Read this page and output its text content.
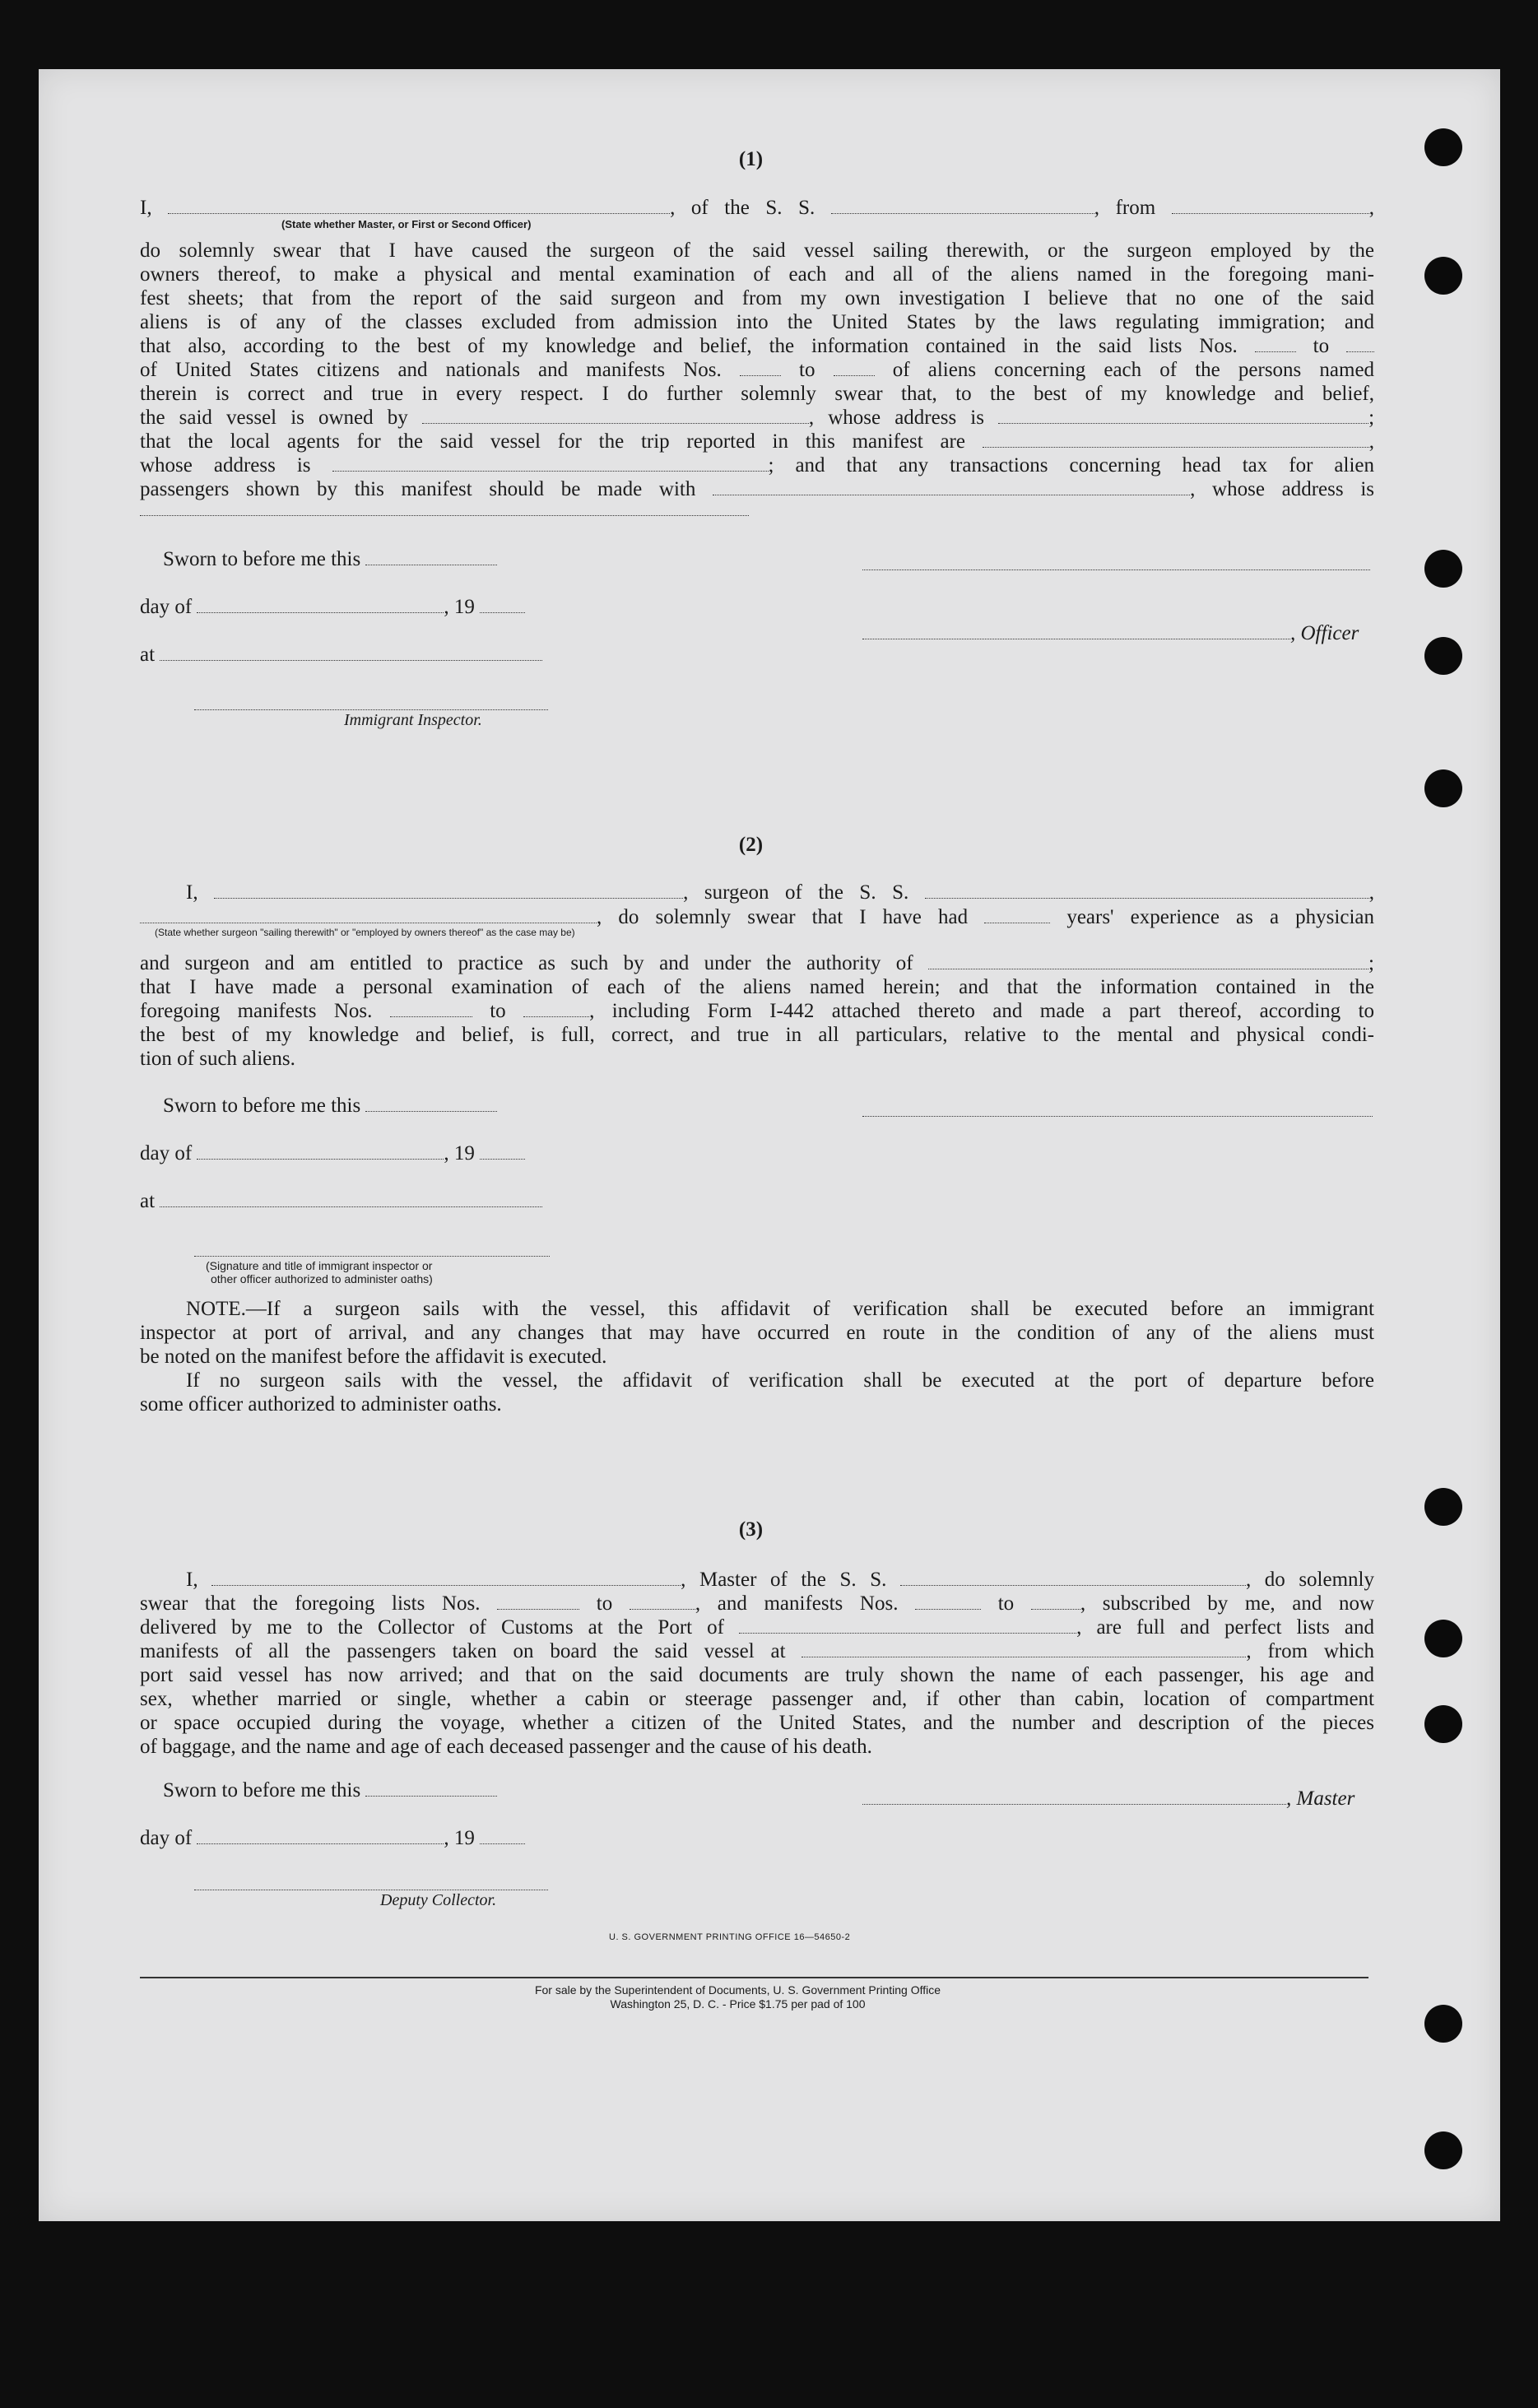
(1)
I,	, of the S. S.	, from	,
(State whether Master, or First or Second Officer)
do solemnly swear that I have caused the surgeon of the said vessel sailing therewith, or the surgeon employed by the
owners thereof, to make a physical and mental examination of each and all of the aliens named in the foregoing mani-
fest sheets; that from the report of the said surgeon and from my own investigation I believe that no one of the said
aliens is of any of the classes excluded from admission into the United States by the laws regulating immigration; and
that also, according to the best of my knowledge and belief, the information contained in the said lists Nos.	to
of United States citizens and nationals and manifests Nos.	to	of aliens concerning each of the persons named
therein is correct and true in every respect. I do further solemnly swear that, to the best of my knowledge and belief,
the said vessel is owned by	, whose address is	;
that the local agents for the said vessel for the trip reported in this manifest are	,
whose address is	; and that any transactions concerning head tax for alien
passengers shown by this manifest should be made with	, whose address is
Sworn to before me this
day of	, 19
, Officer
at
Immigrant Inspector.
(2)
I,	, surgeon of the S. S.	,
, do solemnly swear that I have had	years' experience as a physician
(State whether surgeon "sailing therewith" or "employed by owners thereof" as the case may be)
and surgeon and am entitled to practice as such by and under the authority of	;
that I have made a personal examination of each of the aliens named herein; and that the information contained in the
foregoing manifests Nos.	to	, including Form I-442 attached thereto and made a part thereof, according to
the best of my knowledge and belief, is full, correct, and true in all particulars, relative to the mental and physical condi-
tion of such aliens.
Sworn to before me this
day of	, 19
at
(Signature and title of immigrant inspector or
other officer authorized to administer oaths)
NOTE.—If a surgeon sails with the vessel, this affidavit of verification shall be executed before an immigrant
inspector at port of arrival, and any changes that may have occurred en route in the condition of any of the aliens must
be noted on the manifest before the affidavit is executed.
If no surgeon sails with the vessel, the affidavit of verification shall be executed at the port of departure before
some officer authorized to administer oaths.
(3)
I,	, Master of the S. S.	, do solemnly
swear that the foregoing lists Nos.	to	, and manifests Nos.	to	, subscribed by me, and now
delivered by me to the Collector of Customs at the Port of	, are full and perfect lists and
manifests of all the passengers taken on board the said vessel at	, from which
port said vessel has now arrived; and that on the said documents are truly shown the name of each passenger, his age and
sex, whether married or single, whether a cabin or steerage passenger and, if other than cabin, location of compartment
or space occupied during the voyage, whether a citizen of the United States, and the number and description of the pieces
of baggage, and the name and age of each deceased passenger and the cause of his death.
Sworn to before me this	, Master
day of	, 19
Deputy Collector.
U. S. GOVERNMENT PRINTING OFFICE 16—54650-2
For sale by the Superintendent of Documents, U. S. Government Printing Office
Washington 25, D. C. - Price $1.75 per pad of 100
